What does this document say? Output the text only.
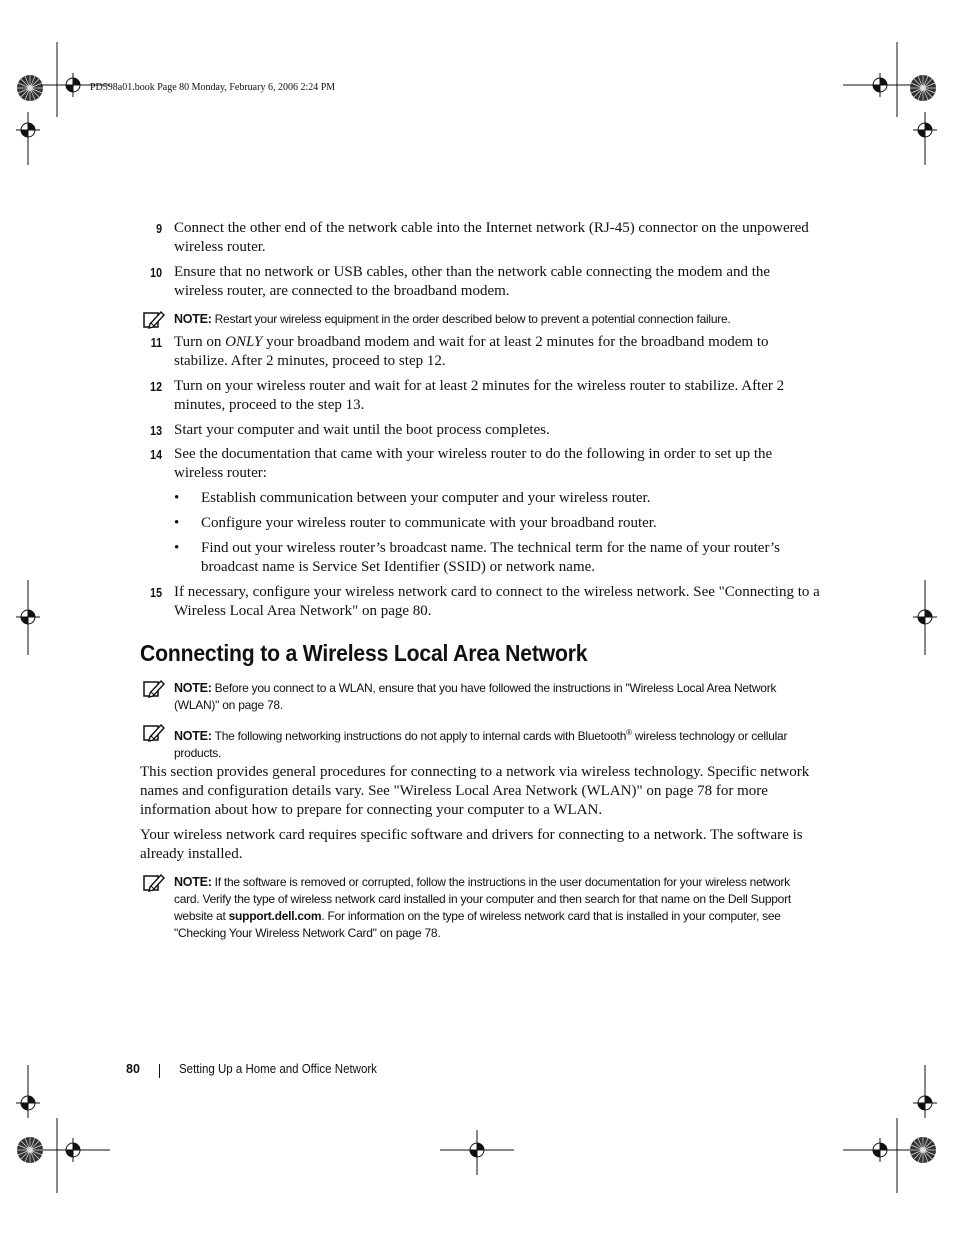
PD598a01.book Page 80 Monday, February 6, 2006 2:24 PM
9 Connect the other end of the network cable into the Internet network (RJ-45) connector on the unpowered wireless router.
10 Ensure that no network or USB cables, other than the network cable connecting the modem and the wireless router, are connected to the broadband modem.
NOTE: Restart your wireless equipment in the order described below to prevent a potential connection failure.
11 Turn on ONLY your broadband modem and wait for at least 2 minutes for the broadband modem to stabilize. After 2 minutes, proceed to step 12.
12 Turn on your wireless router and wait for at least 2 minutes for the wireless router to stabilize. After 2 minutes, proceed to the step 13.
13 Start your computer and wait until the boot process completes.
14 See the documentation that came with your wireless router to do the following in order to set up the wireless router:
• Establish communication between your computer and your wireless router.
• Configure your wireless router to communicate with your broadband router.
• Find out your wireless router’s broadcast name. The technical term for the name of your router’s broadcast name is Service Set Identifier (SSID) or network name.
15 If necessary, configure your wireless network card to connect to the wireless network. See "Connecting to a Wireless Local Area Network" on page 80.
Connecting to a Wireless Local Area Network
NOTE: Before you connect to a WLAN, ensure that you have followed the instructions in "Wireless Local Area Network (WLAN)" on page 78.
NOTE: The following networking instructions do not apply to internal cards with Bluetooth® wireless technology or cellular products.
This section provides general procedures for connecting to a network via wireless technology. Specific network names and configuration details vary. See "Wireless Local Area Network (WLAN)" on page 78 for more information about how to prepare for connecting your computer to a WLAN.
Your wireless network card requires specific software and drivers for connecting to a network. The software is already installed.
NOTE: If the software is removed or corrupted, follow the instructions in the user documentation for your wireless network card. Verify the type of wireless network card installed in your computer and then search for that name on the Dell Support website at support.dell.com. For information on the type of wireless network card that is installed in your computer, see "Checking Your Wireless Network Card" on page 78.
80	Setting Up a Home and Office Network
